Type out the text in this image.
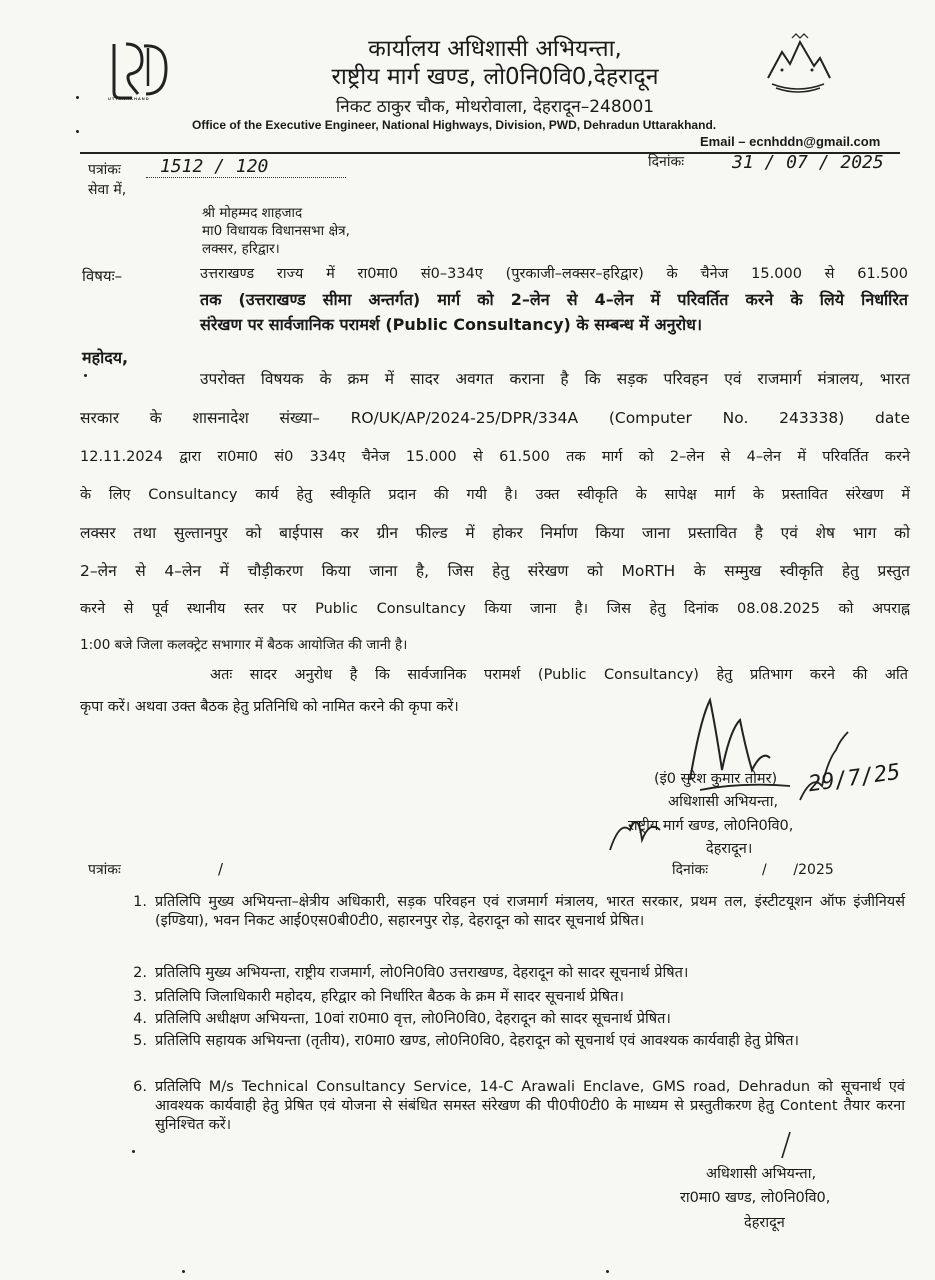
UTTARAKHAND
कार्यालय अधिशासी अभियन्ता,
राष्ट्रीय मार्ग खण्ड, लो0नि0वि0,देहरादून
निकट ठाकुर चौक, मोथरोवाला, देहरादून–248001
Office of the Executive Engineer, National Highways, Division, PWD, Dehradun Uttarakhand.
Email – ecnhddn@gmail.com
पत्रांकः 1512 / 120	दिनांकः	31 / 07 / 2025
सेवा में,
श्री मोहम्मद शाहजाद
मा0 विधायक विधानसभा क्षेत्र,
लक्सर, हरिद्वार।
विषयः–	उत्तराखण्ड राज्य में रा0मा0 सं0–334ए (पुरकाजी–लक्सर–हरिद्वार) के चैनेज 15.000 से 61.500
तक (उत्तराखण्ड सीमा अन्तर्गत) मार्ग को 2–लेन से 4–लेन में परिवर्तित करने के लिये निर्धारित
संरेखण पर सार्वजानिक परामर्श (Public Consultancy) के सम्बन्ध में अनुरोध।
महोदय,
उपरोक्त विषयक के क्रम में सादर अवगत कराना है कि सड़क परिवहन एवं राजमार्ग मंत्रालय, भारत
सरकार के शासनादेश संख्या– RO/UK/AP/2024-25/DPR/334A (Computer No. 243338) date
12.11.2024 द्वारा रा0मा0 सं0 334ए चैनेज 15.000 से 61.500 तक मार्ग को 2–लेन से 4–लेन में परिवर्तित करने
के लिए Consultancy कार्य हेतु स्वीकृति प्रदान की गयी है। उक्त स्वीकृति के सापेक्ष मार्ग के प्रस्तावित संरेखण में
लक्सर तथा सुल्तानपुर को बाईपास कर ग्रीन फील्ड में होकर निर्माण किया जाना प्रस्तावित है एवं शेष भाग को
2–लेन से 4–लेन में चौड़ीकरण किया जाना है, जिस हेतु संरेखण को MoRTH के सम्मुख स्वीकृति हेतु प्रस्तुत
करने से पूर्व स्थानीय स्तर पर Public Consultancy किया जाना है। जिस हेतु दिनांक 08.08.2025 को अपराह्न
1:00 बजे जिला कलक्ट्रेट सभागार में बैठक आयोजित की जानी है।
अतः सादर अनुरोध है कि सार्वजानिक परामर्श (Public Consultancy) हेतु प्रतिभाग करने की अति
कृपा करें। अथवा उक्त बैठक हेतु प्रतिनिधि को नामित करने की कृपा करें।
29/7/25
(इं0 सुरेश कुमार तोमर)
अधिशासी अभियन्ता,
राष्ट्रीय मार्ग खण्ड, लो0नि0वि0,
देहरादून।
पत्रांकः	/	दिनांकः	/      /2025
1. प्रतिलिपि मुख्य अभियन्ता–क्षेत्रीय अधिकारी, सड़क परिवहन एवं राजमार्ग मंत्रालय, भारत सरकार, प्रथम तल, इंस्टीटयूशन ऑफ इंजीनियर्स (इण्डिया), भवन निकट आई0एस0बी0टी0, सहारनपुर रोड़, देहरादून को सादर सूचनार्थ प्रेषित।
2. प्रतिलिपि मुख्य अभियन्ता, राष्ट्रीय राजमार्ग, लो0नि0वि0 उत्तराखण्ड, देहरादून को सादर सूचनार्थ प्रेषित।
3. प्रतिलिपि जिलाधिकारी महोदय, हरिद्वार को निर्धारित बैठक के क्रम में सादर सूचनार्थ प्रेषित।
4. प्रतिलिपि अधीक्षण अभियन्ता, 10वां रा0मा0 वृत्त, लो0नि0वि0, देहरादून को सादर सूचनार्थ प्रेषित।
5. प्रतिलिपि सहायक अभियन्ता (तृतीय), रा0मा0 खण्ड, लो0नि0वि0, देहरादून को सूचनार्थ एवं आवश्यक कार्यवाही हेतु प्रेषित।
6. प्रतिलिपि M/s Technical Consultancy Service, 14-C Arawali Enclave, GMS road, Dehradun को सूचनार्थ एवं आवश्यक कार्यवाही हेतु प्रेषित एवं योजना से संबंधित समस्त संरेखण की पी0पी0टी0 के माध्यम से प्रस्तुतीकरण हेतु Content तैयार करना सुनिश्चित करें।
अधिशासी अभियन्ता,
रा0मा0 खण्ड, लो0नि0वि0,
देहरादून
